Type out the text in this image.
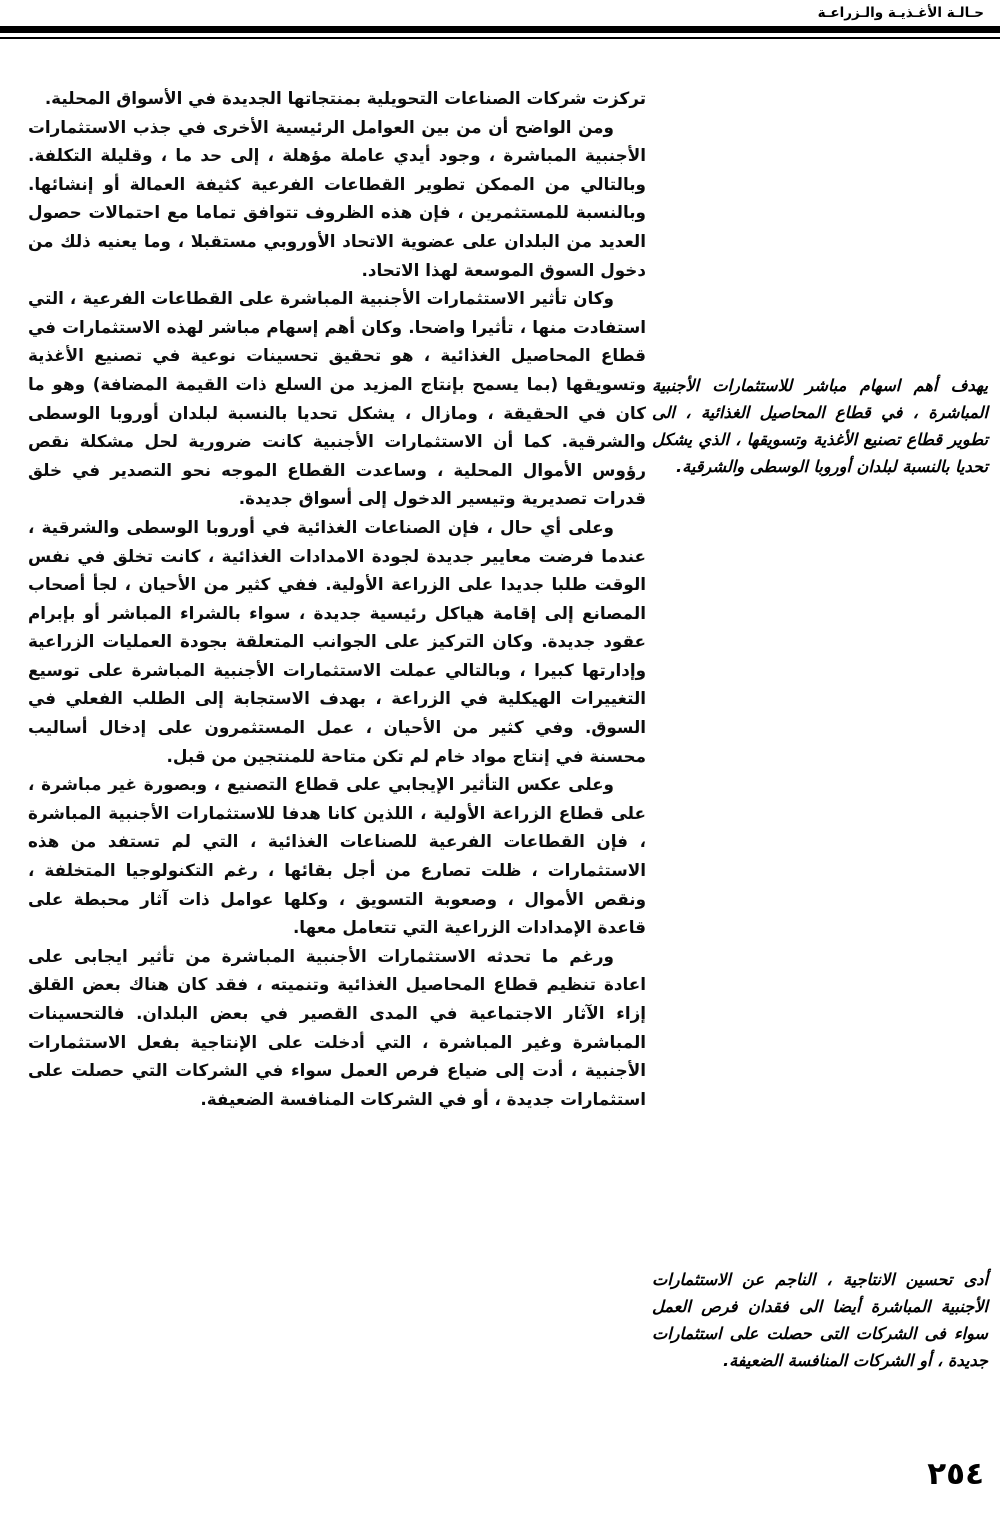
حـالـة الأغـذيـة والـزراعـة

تركزت شركات الصناعات التحويلية بمنتجاتها الجديدة في الأسواق المحلية.

ومن الواضح أن من بين العوامل الرئيسية الأخرى في جذب الاستثمارات الأجنبية المباشرة ، وجود أيدي عاملة مؤهلة ، إلى حد ما ، وقليلة التكلفة. وبالتالي من الممكن تطوير القطاعات الفرعية كثيفة العمالة أو إنشائها. وبالنسبة للمستثمرين ، فإن هذه الظروف تتوافق تماما مع احتمالات حصول العديد من البلدان على عضوية الاتحاد الأوروبي مستقبلا ، وما يعنيه ذلك من دخول السوق الموسعة لهذا الاتحاد.

وكان تأثير الاستثمارات الأجنبية المباشرة على القطاعات الفرعية ، التي استفادت منها ، تأثيرا واضحا. وكان أهم إسهام مباشر لهذه الاستثمارات في قطاع المحاصيل الغذائية ، هو تحقيق تحسينات نوعية في تصنيع الأغذية وتسويقها (بما يسمح بإنتاج المزيد من السلع ذات القيمة المضافة) وهو ما كان في الحقيقة ، ومازال ، يشكل تحديا بالنسبة لبلدان أوروبا الوسطى والشرقية. كما أن الاستثمارات الأجنبية كانت ضرورية لحل مشكلة نقص رؤوس الأموال المحلية ، وساعدت القطاع الموجه نحو التصدير في خلق قدرات تصديرية وتيسير الدخول إلى أسواق جديدة.

وعلى أي حال ، فإن الصناعات الغذائية في أوروبا الوسطى والشرقية ، عندما فرضت معايير جديدة لجودة الامدادات الغذائية ، كانت تخلق في نفس الوقت طلبا جديدا على الزراعة الأولية. ففي كثير من الأحيان ، لجأ أصحاب المصانع إلى إقامة هياكل رئيسية جديدة ، سواء بالشراء المباشر أو بإبرام عقود جديدة. وكان التركيز على الجوانب المتعلقة بجودة العمليات الزراعية وإدارتها كبيرا ، وبالتالي عملت الاستثمارات الأجنبية المباشرة على توسيع التغييرات الهيكلية في الزراعة ، بهدف الاستجابة إلى الطلب الفعلي في السوق. وفي كثير من الأحيان ، عمل المستثمرون على إدخال أساليب محسنة في إنتاج مواد خام لم تكن متاحة للمنتجين من قبل.

وعلى عكس التأثير الإيجابي على قطاع التصنيع ، وبصورة غير مباشرة ، على قطاع الزراعة الأولية ، اللذين كانا هدفا للاستثمارات الأجنبية المباشرة ، فإن القطاعات الفرعية للصناعات الغذائية ، التي لم تستفد من هذه الاستثمارات ، ظلت تصارع من أجل بقائها ، رغم التكنولوجيا المتخلفة ، ونقص الأموال ، وصعوبة التسويق ، وكلها عوامل ذات آثار محبطة على قاعدة الإمدادات الزراعية التي تتعامل معها.

ورغم ما تحدثه الاستثمارات الأجنبية المباشرة من تأثير ايجابى على اعادة تنظيم قطاع المحاصيل الغذائية وتنميته ، فقد كان هناك بعض القلق إزاء الآثار الاجتماعية في المدى القصير في بعض البلدان. فالتحسينات المباشرة وغير المباشرة ، التي أدخلت على الإنتاجية بفعل الاستثمارات الأجنبية ، أدت إلى ضياع فرص العمل سواء في الشركات التي حصلت على استثمارات جديدة ، أو في الشركات المنافسة الضعيفة.

يهدف أهم اسهام مباشر للاستثمارات الأجنبية المباشرة ، في قطاع المحاصيل الغذائية ، الى تطوير قطاع تصنيع الأغذية وتسويقها ، الذي يشكل تحديا بالنسبة لبلدان أوروبا الوسطى والشرقية.
أدى تحسين الانتاجية ، الناجم عن الاستثمارات الأجنبية المباشرة أيضا الى فقدان فرص العمل سواء فى الشركات التى حصلت على استثمارات جديدة ، أو الشركات المنافسة الضعيفة.
٢٥٤
